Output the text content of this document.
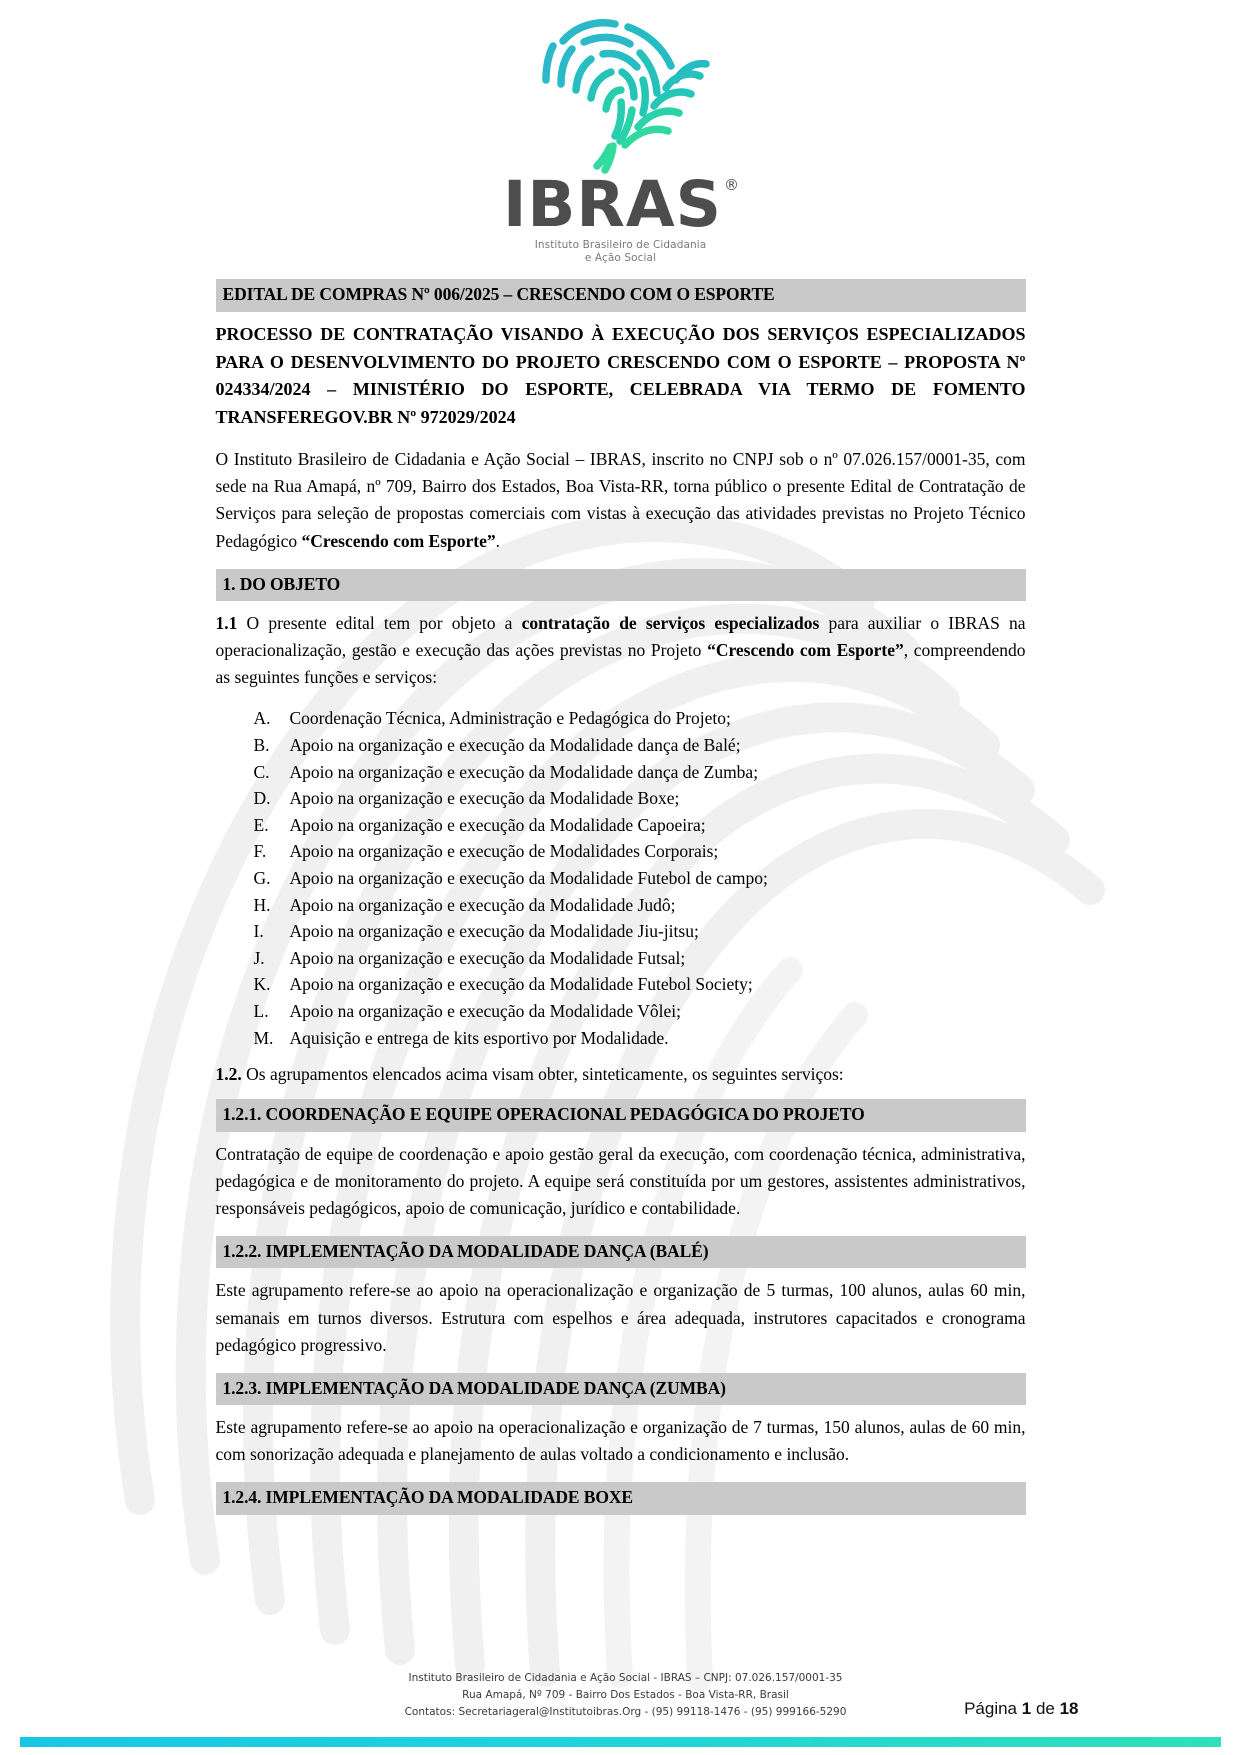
IBRAS ®
Instituto Brasileiro de Cidadania
e Ação Social
EDITAL DE COMPRAS Nº 006/2025 – CRESCENDO COM O ESPORTE
PROCESSO DE CONTRATAÇÃO VISANDO À EXECUÇÃO DOS SERVIÇOS ESPECIALIZADOS PARA O DESENVOLVIMENTO DO PROJETO CRESCENDO COM O ESPORTE – PROPOSTA Nº 024334/2024 – MINISTÉRIO DO ESPORTE, CELEBRADA VIA TERMO DE FOMENTO TRANSFEREGOV.BR Nº 972029/2024

O Instituto Brasileiro de Cidadania e Ação Social – IBRAS, inscrito no CNPJ sob o nº 07.026.157/0001-35, com sede na Rua Amapá, nº 709, Bairro dos Estados, Boa Vista-RR, torna público o presente Edital de Contratação de Serviços para seleção de propostas comerciais com vistas à execução das atividades previstas no Projeto Técnico Pedagógico “Crescendo com Esporte”.

1. DO OBJETO

1.1 O presente edital tem por objeto a contratação de serviços especializados para auxiliar o IBRAS na operacionalização, gestão e execução das ações previstas no Projeto “Crescendo com Esporte”, compreendendo as seguintes funções e serviços:

A.	Coordenação Técnica, Administração e Pedagógica do Projeto;
B.	Apoio na organização e execução da Modalidade dança de Balé;
C.	Apoio na organização e execução da Modalidade dança de Zumba;
D.	Apoio na organização e execução da Modalidade Boxe;
E.	Apoio na organização e execução da Modalidade Capoeira;
F.	Apoio na organização e execução de Modalidades Corporais;
G.	Apoio na organização e execução da Modalidade Futebol de campo;
H.	Apoio na organização e execução da Modalidade Judô;
I.	Apoio na organização e execução da Modalidade Jiu-jitsu;
J.	Apoio na organização e execução da Modalidade Futsal;
K.	Apoio na organização e execução da Modalidade Futebol Society;
L.	Apoio na organização e execução da Modalidade Vôlei;
M. Aquisição e entrega de kits esportivo por Modalidade.

1.2. Os agrupamentos elencados acima visam obter, sinteticamente, os seguintes serviços:

1.2.1. COORDENAÇÃO E EQUIPE OPERACIONAL PEDAGÓGICA DO PROJETO

Contratação de equipe de coordenação e apoio gestão geral da execução, com coordenação técnica, administrativa, pedagógica e de monitoramento do projeto. A equipe será constituída por um gestores, assistentes administrativos, responsáveis pedagógicos, apoio de comunicação, jurídico e contabilidade.

1.2.2. IMPLEMENTAÇÃO DA MODALIDADE DANÇA (BALÉ)

Este agrupamento refere-se ao apoio na operacionalização e organização de 5 turmas, 100 alunos, aulas 60 min, semanais em turnos diversos. Estrutura com espelhos e área adequada, instrutores capacitados e cronograma pedagógico progressivo.

1.2.3. IMPLEMENTAÇÃO DA MODALIDADE DANÇA (ZUMBA)

Este agrupamento refere-se ao apoio na operacionalização e organização de 7 turmas, 150 alunos, aulas de 60 min, com sonorização adequada e planejamento de aulas voltado a condicionamento e inclusão.

1.2.4. IMPLEMENTAÇÃO DA MODALIDADE BOXE
Instituto Brasileiro de Cidadania e Ação Social - IBRAS – CNPJ: 07.026.157/0001-35
Rua Amapá, Nº 709 - Bairro Dos Estados - Boa Vista-RR, Brasil
Contatos: Secretariageral@Institutoibras.Org - (95) 99118-1476 - (95) 999166-5290	Página 1 de 18
